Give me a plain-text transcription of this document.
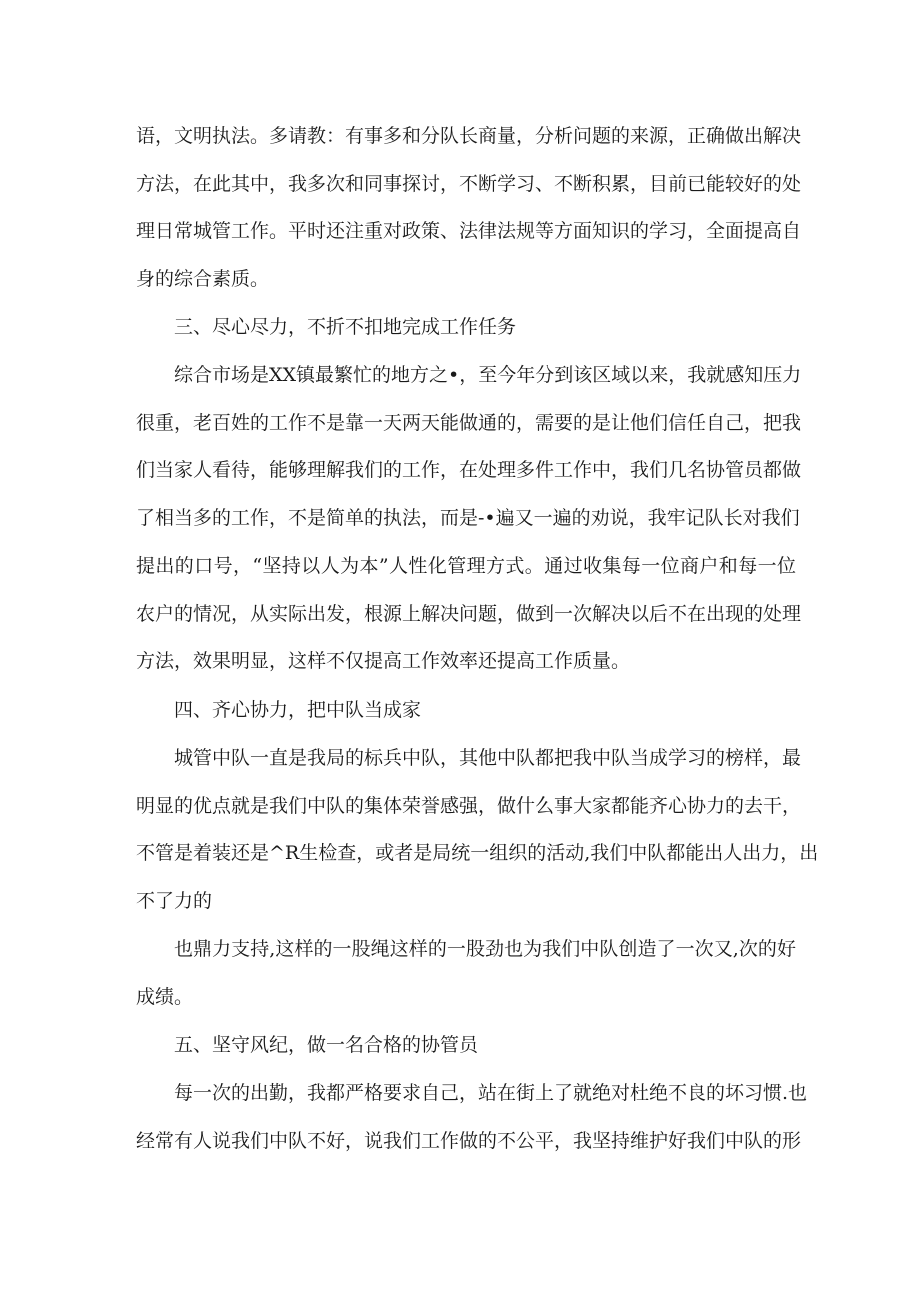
语，文明执法。多请教：有事多和分队长商量，分析问题的来源，正确做出解决
方法，在此其中，我多次和同事探讨，不断学习、不断积累，目前已能较好的处
理日常城管工作。平时还注重对政策、法律法规等方面知识的学习，全面提高自
身的综合素质。
三、尽心尽力，不折不扣地完成工作任务
综合市场是XX镇最繁忙的地方之•，至今年分到该区域以来，我就感知压力
很重，老百姓的工作不是靠一天两天能做通的，需要的是让他们信任自己，把我
们当家人看待，能够理解我们的工作，在处理多件工作中，我们几名协管员都做
了相当多的工作，不是简单的执法，而是-•遍又一遍的劝说，我牢记队长对我们
提出的口号，“坚持以人为本”人性化管理方式。通过收集每一位商户和每一位
农户的情况，从实际出发，根源上解决问题，做到一次解决以后不在出现的处理
方法，效果明显，这样不仅提高工作效率还提高工作质量。
四、齐心协力，把中队当成家
城管中队一直是我局的标兵中队，其他中队都把我中队当成学习的榜样，最
明显的优点就是我们中队的集体荣誉感强，做什么事大家都能齐心协力的去干，
不管是着装还是^R生检查，或者是局统一组织的活动,我们中队都能出人出力，出
不了力的
也鼎力支持,这样的一股绳这样的一股劲也为我们中队创造了一次又,次的好
成绩。
五、坚守风纪，做一名合格的协管员
每一次的出勤，我都严格要求自己，站在街上了就绝对杜绝不良的坏习惯.也
经常有人说我们中队不好，说我们工作做的不公平，我坚持维护好我们中队的形
